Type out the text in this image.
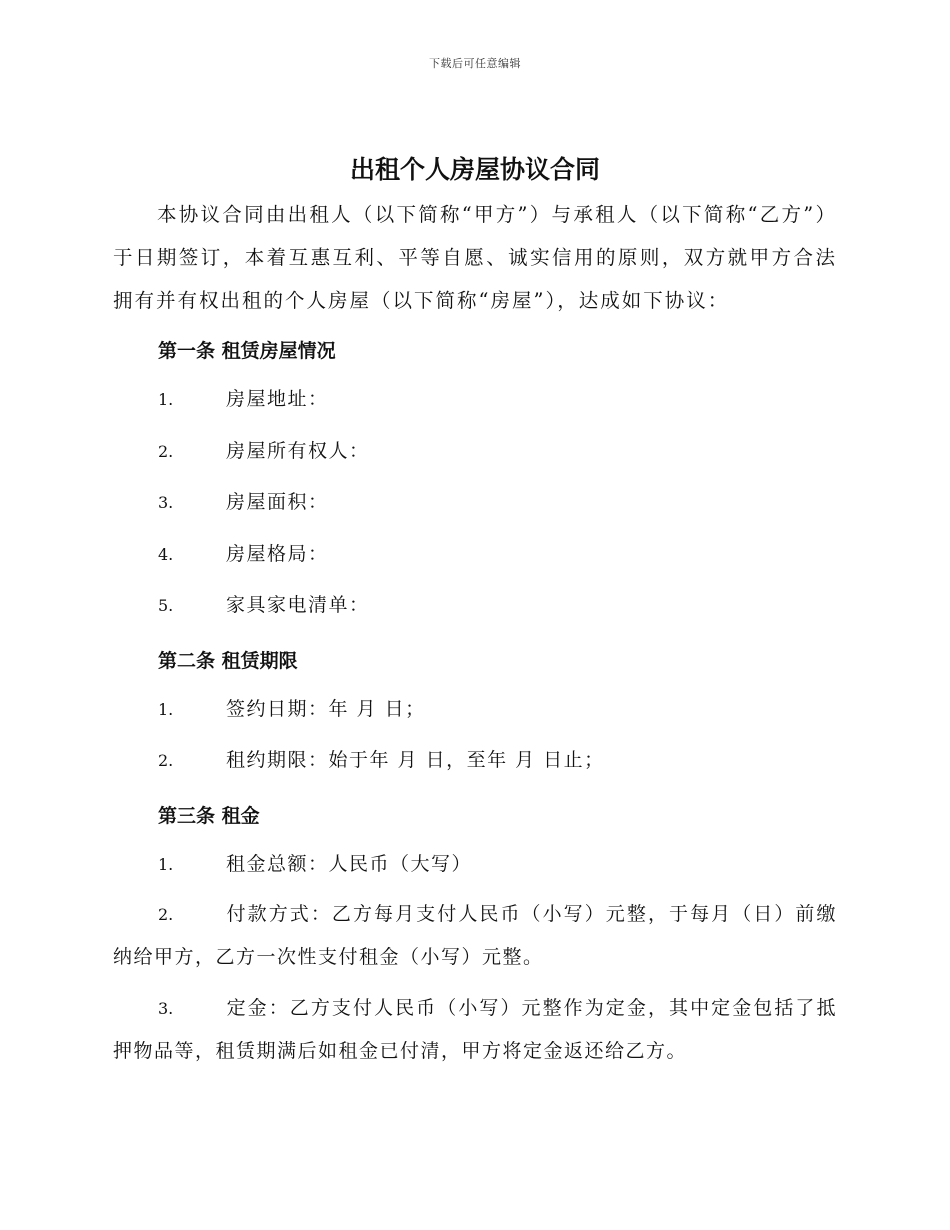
下载后可任意编辑
出租个人房屋协议合同

本协议合同由出租人（以下简称“甲方”）与承租人（以下简称“乙方”）于日期签订，本着互惠互利、平等自愿、诚实信用的原则，双方就甲方合法拥有并有权出租的个人房屋（以下简称“房屋”），达成如下协议：

第一条 租赁房屋情况
1.	房屋地址：
2.	房屋所有权人：
3.	房屋面积：
4.	房屋格局：
5.	家具家电清单：
第二条 租赁期限
1.	签约日期：年 月 日；
2.	租约期限：始于年 月 日，至年 月 日止；
第三条 租金
1.	租金总额：人民币（大写）

2.	付款方式：乙方每月支付人民币（小写）元整，于每月（日）前缴纳给甲方，乙方一次性支付租金（小写）元整。

3.	定金：乙方支付人民币（小写）元整作为定金，其中定金包括了抵押物品等，租赁期满后如租金已付清，甲方将定金返还给乙方。
